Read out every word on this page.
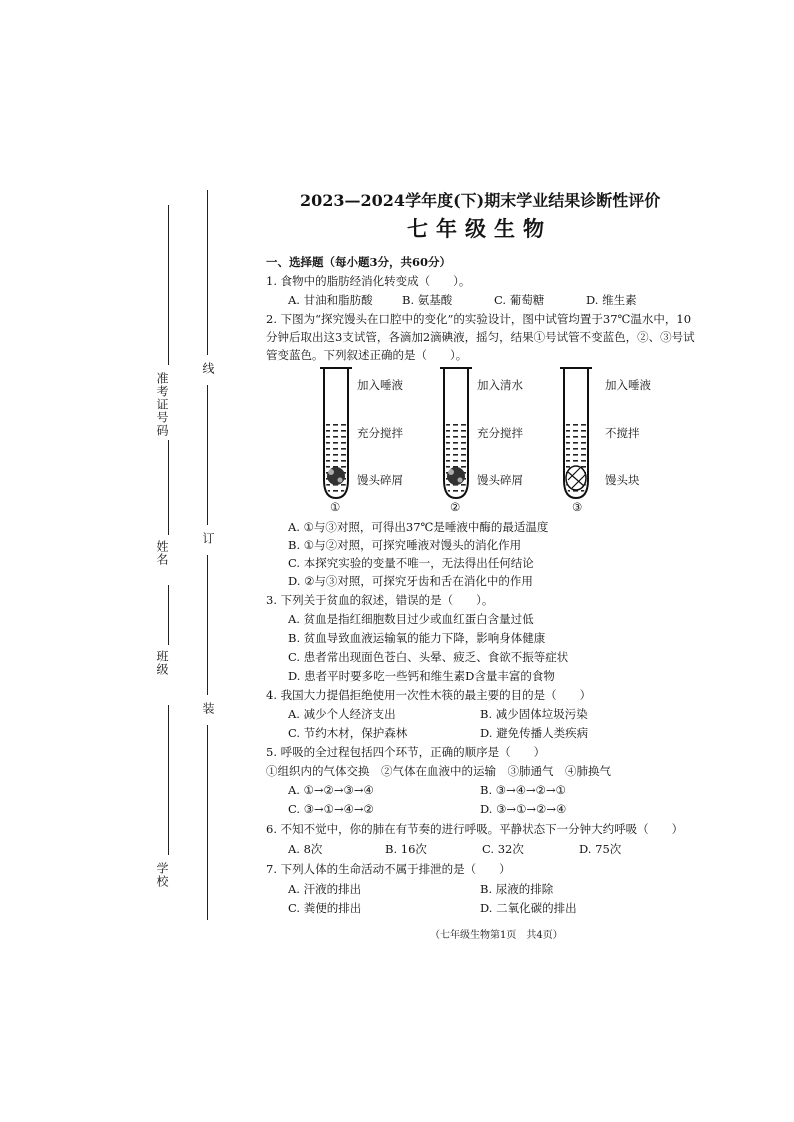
准考证号码
姓名
班级
学校
线
订
装
2023—2024学年度(下)期末学业结果诊断性评价
七年级生物
一、选择题（每小题3分，共60分）
1. 食物中的脂肪经消化转变成（　　）。
A. 甘油和脂肪酸	B. 氨基酸	C. 葡萄糖	D. 维生素
2. 下图为“探究馒头在口腔中的变化”的实验设计，图中试管均置于37℃温水中，10
分钟后取出这3支试管，各滴加2滴碘液，摇匀，结果①号试管不变蓝色，②、③号试
管变蓝色。下列叙述正确的是（　　）。
加入唾液
充分搅拌
馒头碎屑
①
加入清水
充分搅拌
馒头碎屑
②
加入唾液
不搅拌
馒头块
③
A. ①与③对照，可得出37℃是唾液中酶的最适温度
B. ①与②对照，可探究唾液对馒头的消化作用
C. 本探究实验的变量不唯一，无法得出任何结论
D. ②与③对照，可探究牙齿和舌在消化中的作用
3. 下列关于贫血的叙述，错误的是（　　）。
A. 贫血是指红细胞数目过少或血红蛋白含量过低
B. 贫血导致血液运输氧的能力下降，影响身体健康
C. 患者常出现面色苍白、头晕、疲乏、食欲不振等症状
D. 患者平时要多吃一些钙和维生素D含量丰富的食物
4. 我国大力提倡拒绝使用一次性木筷的最主要的目的是（　　）
A. 减少个人经济支出	B. 减少固体垃圾污染
C. 节约木材，保护森林	D. 避免传播人类疾病
5. 呼吸的全过程包括四个环节，正确的顺序是（　　）
①组织内的气体交换　②气体在血液中的运输　③肺通气　④肺换气
A. ①→②→③→④	B. ③→④→②→①
C. ③→①→④→②	D. ③→①→②→④
6. 不知不觉中，你的肺在有节奏的进行呼吸。平静状态下一分钟大约呼吸（　　）
A. 8次	B. 16次	C. 32次	D. 75次
7. 下列人体的生命活动不属于排泄的是（　　）
A. 汗液的排出	B. 尿液的排除
C. 粪便的排出	D. 二氧化碳的排出
（七年级生物第1页　共4页）
